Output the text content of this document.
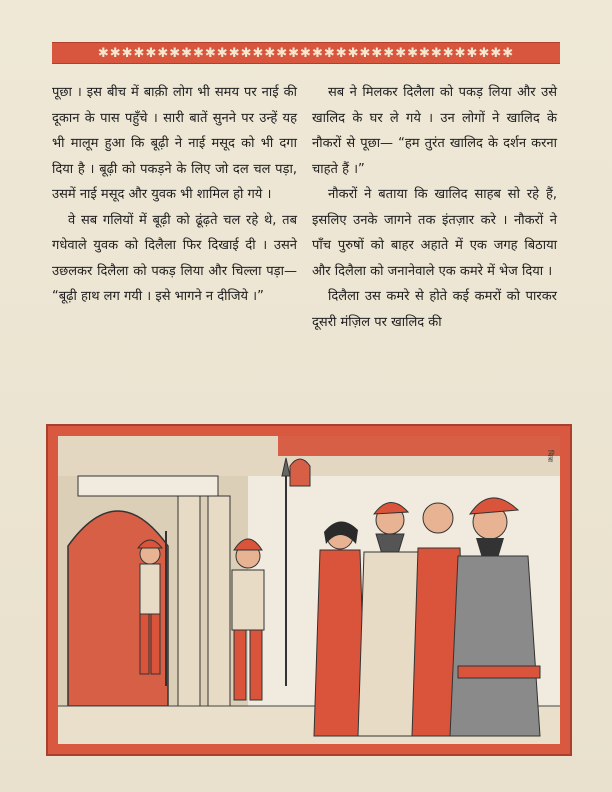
✱✱✱✱✱✱✱✱✱✱✱✱✱✱✱✱✱✱✱✱✱✱✱✱✱✱✱✱✱✱✱✱✱✱✱

पूछा । इस बीच में बाक़ी लोग भी समय पर नाई की दूकान के पास पहुँचे । सारी बातें सुनने पर उन्हें यह भी मालूम हुआ कि बूढ़ी ने नाई मसूद को भी दगा दिया है । बूढ़ी को पकड़ने के लिए जो दल चल पड़ा, उसमें नाई मसूद और युवक भी शामिल हो गये ।

वे सब गलियों में बूढ़ी को ढूंढ़ते चल रहे थे, तब गधेवाले युवक को दिलैला फिर दिखाई दी । उसने उछलकर दिलैला को पकड़ लिया और चिल्ला पड़ा— “बूढ़ी हाथ लग गयी । इसे भागने न दीजिये ।”

सब ने मिलकर दिलैला को पकड़ लिया और उसे खालिद के घर ले गये । उन लोगों ने खालिद के नौकरों से पूछा— “हम तुरंत खालिद के दर्शन करना चाहते हैं ।”

नौकरों ने बताया कि खालिद साहब सो रहे हैं, इसलिए उनके जागने तक इंतज़ार करे । नौकरों ने पाँच पुरुषों को बाहर अहाते में एक जगह बिठाया और दिलैला को जनानेवाले एक कमरे में भेज दिया ।

दिलैला उस कमरे से होते कई कमरों को पारकर दूसरी मंज़िल पर खालिद की

चित्रा
